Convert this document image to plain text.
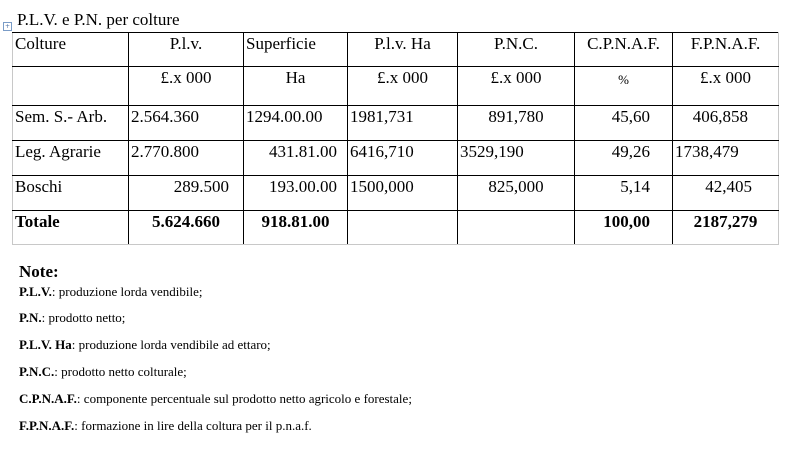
+ P.L.V. e P.N. per colture
Colture	P.l.v.	Superficie	P.l.v. Ha	P.N.C.	C.P.N.A.F.	F.P.N.A.F.
	£.x 000	Ha	£.x 000	£.x 000	%	£.x 000
Sem. S.- Arb.	2.564.360	1294.00.00	1981,731	891,780	45,60	406,858
Leg. Agrarie	2.770.800	431.81.00	6416,710	3529,190	49,26	1738,479
Boschi	289.500	193.00.00	1500,000	825,000	5,14	42,405
Totale	5.624.660	918.81.00			100,00	2187,279
Note:
P.L.V.: produzione lorda vendibile;
P.N.: prodotto netto;
P.L.V. Ha: produzione lorda vendibile ad ettaro;
P.N.C.: prodotto netto colturale;
C.P.N.A.F.: componente percentuale sul prodotto netto agricolo e forestale;
F.P.N.A.F.: formazione in lire della coltura per il p.n.a.f.
